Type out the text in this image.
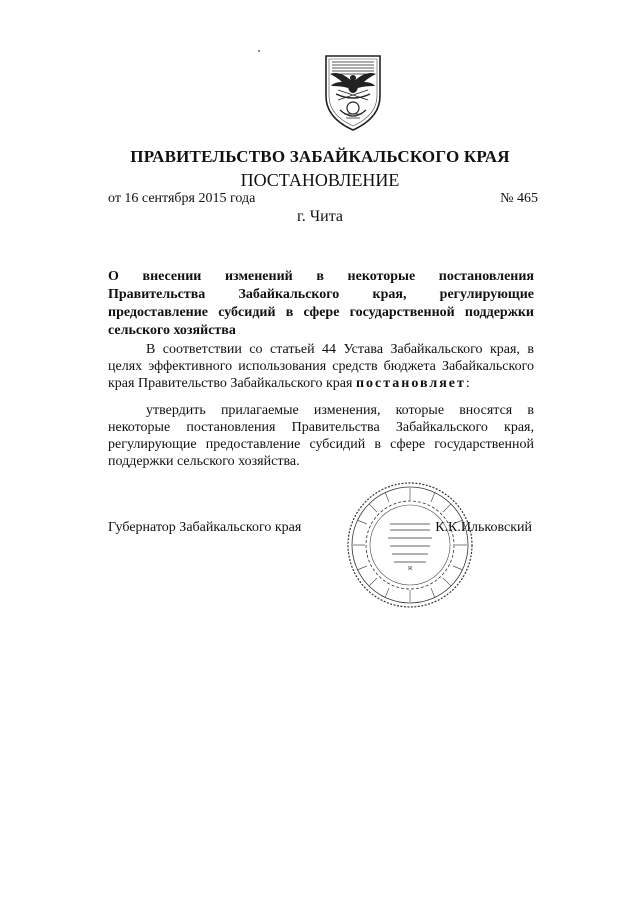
ПРАВИТЕЛЬСТВО ЗАБАЙКАЛЬСКОГО КРАЯ
ПОСТАНОВЛЕНИЕ
от 16 сентября 2015 года	№ 465
г. Чита
О внесении изменений в некоторые постановления Правительства Забайкальского края, регулирующие предоставление субсидий в сфере государственной поддержки сельского хозяйства
В соответствии со статьей 44 Устава Забайкальского края, в целях эффективного использования средств бюджета Забайкальского края Правительство Забайкальского края постановляет:
утвердить прилагаемые изменения, которые вносятся в некоторые постановления Правительства Забайкальского края, регулирующие предоставление субсидий в сфере государственной поддержки сельского хозяйства.
Губернатор Забайкальского края	К.К.Ильковский
Ж
